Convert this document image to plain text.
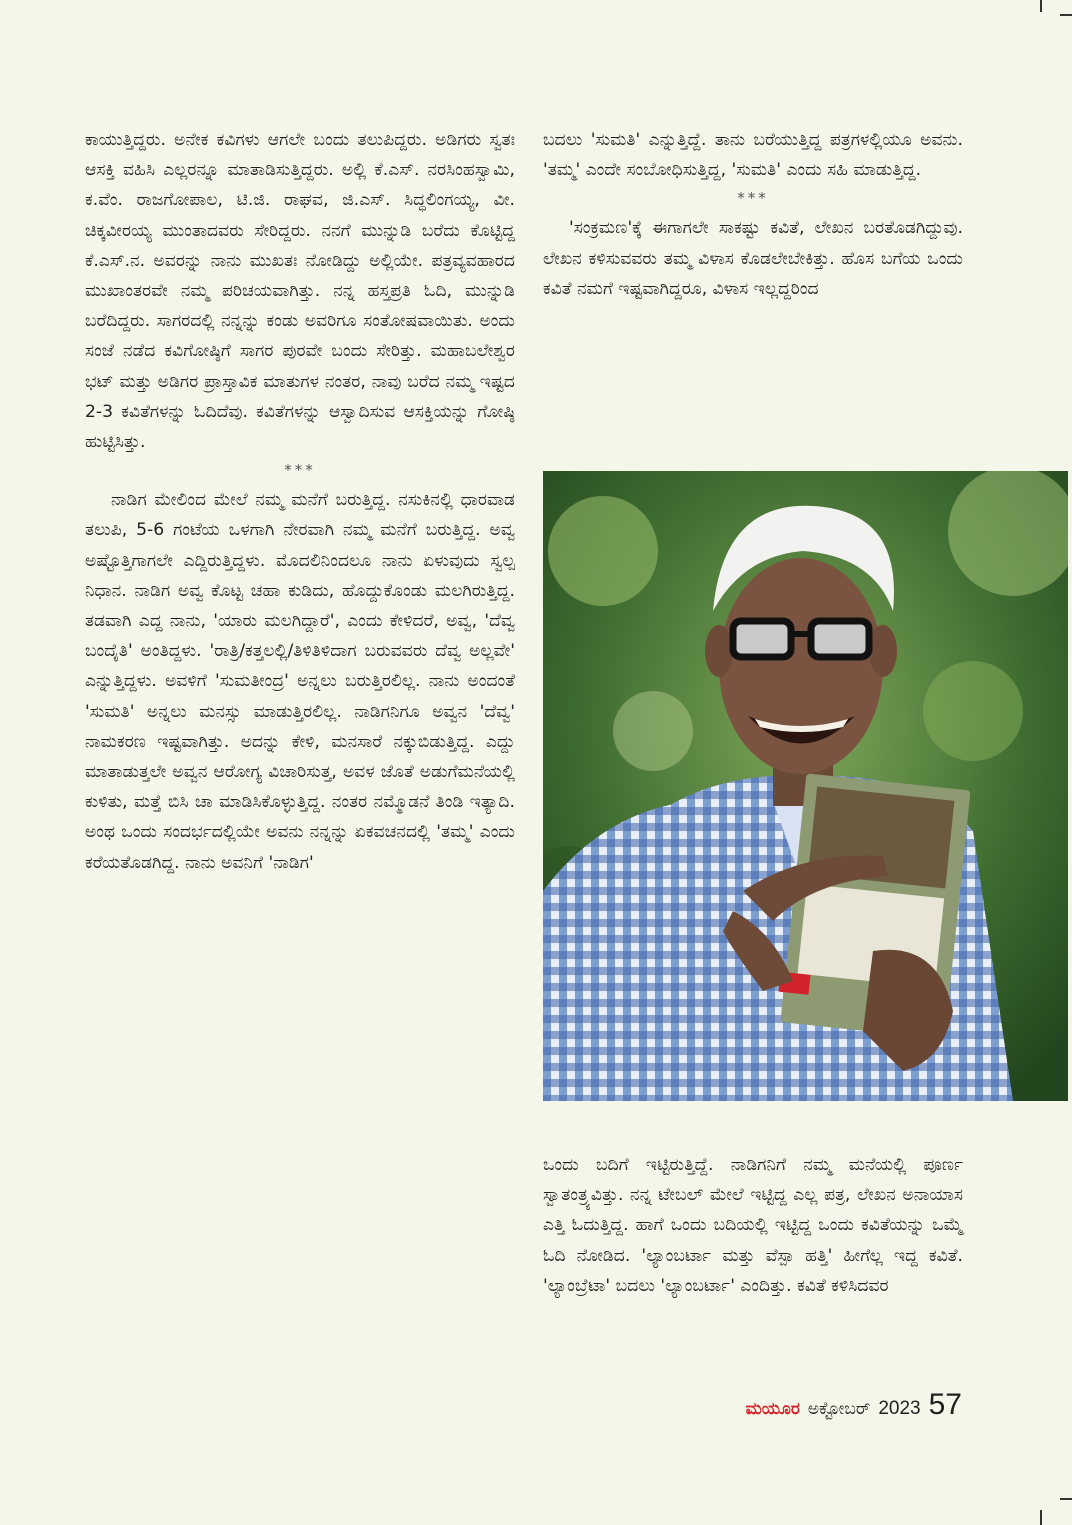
ಕಾಯುತ್ತಿದ್ದರು. ಅನೇಕ ಕವಿಗಳು ಆಗಲೇ ಬಂದು ತಲುಪಿದ್ದರು. ಅಡಿಗರು ಸ್ವತಃ ಆಸಕ್ತಿ ವಹಿಸಿ ಎಲ್ಲರನ್ನೂ ಮಾತಾಡಿಸುತ್ತಿದ್ದರು. ಅಲ್ಲಿ ಕೆ.ಎಸ್. ನರಸಿಂಹಸ್ವಾಮಿ, ಕ.ವೆಂ. ರಾಜಗೋಪಾಲ, ಟಿ.ಜಿ. ರಾಘವ, ಜಿ.ಎಸ್. ಸಿದ್ಧಲಿಂಗಯ್ಯ, ವೀ. ಚಿಕ್ಕವೀರಯ್ಯ ಮುಂತಾದವರು ಸೇರಿದ್ದರು. ನನಗೆ ಮುನ್ನುಡಿ ಬರೆದು ಕೊಟ್ಟಿದ್ದ ಕೆ.ಎಸ್.ನ. ಅವರನ್ನು ನಾನು ಮುಖತಃ ನೋಡಿದ್ದು ಅಲ್ಲಿಯೇ. ಪತ್ರವ್ಯವಹಾರದ ಮುಖಾಂತರವೇ ನಮ್ಮ ಪರಿಚಯವಾಗಿತ್ತು. ನನ್ನ ಹಸ್ತಪ್ರತಿ ಓದಿ, ಮುನ್ನುಡಿ ಬರೆದಿದ್ದರು. ಸಾಗರದಲ್ಲಿ ನನ್ನನ್ನು ಕಂಡು ಅವರಿಗೂ ಸಂತೋಷವಾಯಿತು. ಅಂದು ಸಂಜೆ ನಡೆದ ಕವಿಗೋಷ್ಠಿಗೆ ಸಾಗರ ಪುರವೇ ಬಂದು ಸೇರಿತ್ತು. ಮಹಾಬಲೇಶ್ವರ ಭಟ್ ಮತ್ತು ಅಡಿಗರ ಪ್ರಾಸ್ತಾವಿಕ ಮಾತುಗಳ ನಂತರ, ನಾವು ಬರೆದ ನಮ್ಮ ಇಷ್ಟದ 2-3 ಕವಿತೆಗಳನ್ನು ಓದಿದೆವು. ಕವಿತೆಗಳನ್ನು ಆಸ್ವಾದಿಸುವ ಆಸಕ್ತಿಯನ್ನು ಗೋಷ್ಠಿ ಹುಟ್ಟಿಸಿತ್ತು.

***

ನಾಡಿಗ ಮೇಲಿಂದ ಮೇಲೆ ನಮ್ಮ ಮನೆಗೆ ಬರುತ್ತಿದ್ದ. ನಸುಕಿನಲ್ಲಿ ಧಾರವಾಡ ತಲುಪಿ, 5-6 ಗಂಟೆಯ ಒಳಗಾಗಿ ನೇರವಾಗಿ ನಮ್ಮ ಮನೆಗೆ ಬರುತ್ತಿದ್ದ. ಅವ್ವ ಅಷ್ಟೊತ್ತಿಗಾಗಲೇ ಎದ್ದಿರುತ್ತಿದ್ದಳು. ಮೊದಲಿನಿಂದಲೂ ನಾನು ಏಳುವುದು ಸ್ವಲ್ಪ ನಿಧಾನ. ನಾಡಿಗ ಅವ್ವ ಕೊಟ್ಟ ಚಹಾ ಕುಡಿದು, ಹೊದ್ದುಕೊಂಡು ಮಲಗಿರುತ್ತಿದ್ದ. ತಡವಾಗಿ ಎದ್ದ ನಾನು, 'ಯಾರು ಮಲಗಿದ್ದಾರೆ', ಎಂದು ಕೇಳಿದರೆ, ಅವ್ವ, 'ದೆವ್ವ ಬಂದೈತಿ' ಅಂತಿದ್ದಳು. 'ರಾತ್ರಿ/ಕತ್ತಲಲ್ಲಿ/ತಿಳಿತಿಳಿದಾಗ ಬರುವವರು ದೆವ್ವ ಅಲ್ಲವೇ' ಎನ್ನುತ್ತಿದ್ದಳು. ಅವಳಿಗೆ 'ಸುಮತೀಂದ್ರ' ಅನ್ನಲು ಬರುತ್ತಿರಲಿಲ್ಲ. ನಾನು ಅಂದಂತೆ 'ಸುಮತಿ' ಅನ್ನಲು ಮನಸ್ಸು ಮಾಡುತ್ತಿರಲಿಲ್ಲ. ನಾಡಿಗನಿಗೂ ಅವ್ವನ 'ದೆವ್ವ' ನಾಮಕರಣ ಇಷ್ಟವಾಗಿತ್ತು. ಅದನ್ನು ಕೇಳಿ, ಮನಸಾರೆ ನಕ್ಕುಬಿಡುತ್ತಿದ್ದ. ಎದ್ದು ಮಾತಾಡುತ್ತಲೇ ಅವ್ವನ ಆರೋಗ್ಯ ವಿಚಾರಿಸುತ್ತ, ಅವಳ ಜೊತೆ ಅಡುಗೆಮನೆಯಲ್ಲಿ ಕುಳಿತು, ಮತ್ತೆ ಬಿಸಿ ಚಾ ಮಾಡಿಸಿಕೊಳ್ಳುತ್ತಿದ್ದ. ನಂತರ ನಮ್ಮೊಡನೆ ತಿಂಡಿ ಇತ್ಯಾದಿ. ಅಂಥ ಒಂದು ಸಂದರ್ಭದಲ್ಲಿಯೇ ಅವನು ನನ್ನನ್ನು ಏಕವಚನದಲ್ಲಿ 'ತಮ್ಮ' ಎಂದು ಕರೆಯತೊಡಗಿದ್ದ. ನಾನು ಅವನಿಗೆ 'ನಾಡಿಗ'

ಬದಲು 'ಸುಮತಿ' ಎನ್ನುತ್ತಿದ್ದೆ. ತಾನು ಬರೆಯುತ್ತಿದ್ದ ಪತ್ರಗಳಲ್ಲಿಯೂ ಅವನು. 'ತಮ್ಮ' ಎಂದೇ ಸಂಬೋಧಿಸುತ್ತಿದ್ದ, 'ಸುಮತಿ' ಎಂದು ಸಹಿ ಮಾಡುತ್ತಿದ್ದ.

***

'ಸಂಕ್ರಮಣ'ಕ್ಕೆ ಈಗಾಗಲೇ ಸಾಕಷ್ಟು ಕವಿತೆ, ಲೇಖನ ಬರತೊಡಗಿದ್ದುವು. ಲೇಖನ ಕಳಿಸುವವರು ತಮ್ಮ ವಿಳಾಸ ಕೊಡಲೇಬೇಕಿತ್ತು. ಹೊಸ ಬಗೆಯ ಒಂದು ಕವಿತೆ ನಮಗೆ ಇಷ್ಟವಾಗಿದ್ದರೂ, ವಿಳಾಸ ಇಲ್ಲದ್ದರಿಂದ

ಒಂದು ಬದಿಗೆ ಇಟ್ಟಿರುತ್ತಿದ್ದೆ. ನಾಡಿಗನಿಗೆ ನಮ್ಮ ಮನೆಯಲ್ಲಿ ಪೂರ್ಣ ಸ್ವಾತಂತ್ರ್ಯವಿತ್ತು. ನನ್ನ ಟೇಬಲ್ ಮೇಲೆ ಇಟ್ಟಿದ್ದ ಎಲ್ಲ ಪತ್ರ, ಲೇಖನ ಅನಾಯಾಸ ಎತ್ತಿ ಓದುತ್ತಿದ್ದ. ಹಾಗೆ ಒಂದು ಬದಿಯಲ್ಲಿ ಇಟ್ಟಿದ್ದ ಒಂದು ಕವಿತೆಯನ್ನು ಒಮ್ಮೆ ಓದಿ ನೋಡಿದ. 'ಲ್ಯಾಂಬರ್ಟಾ ಮತ್ತು ವೆಸ್ಪಾ ಹತ್ತಿ' ಹೀಗೆಲ್ಲ ಇದ್ದ ಕವಿತೆ. 'ಲ್ಯಾಂಬ್ರೆಟಾ' ಬದಲು 'ಲ್ಯಾಂಬರ್ಟಾ' ಎಂದಿತ್ತು. ಕವಿತೆ ಕಳಿಸಿದವರ

ಮಯೂರ ಅಕ್ಟೋಬರ್ 2023 57
